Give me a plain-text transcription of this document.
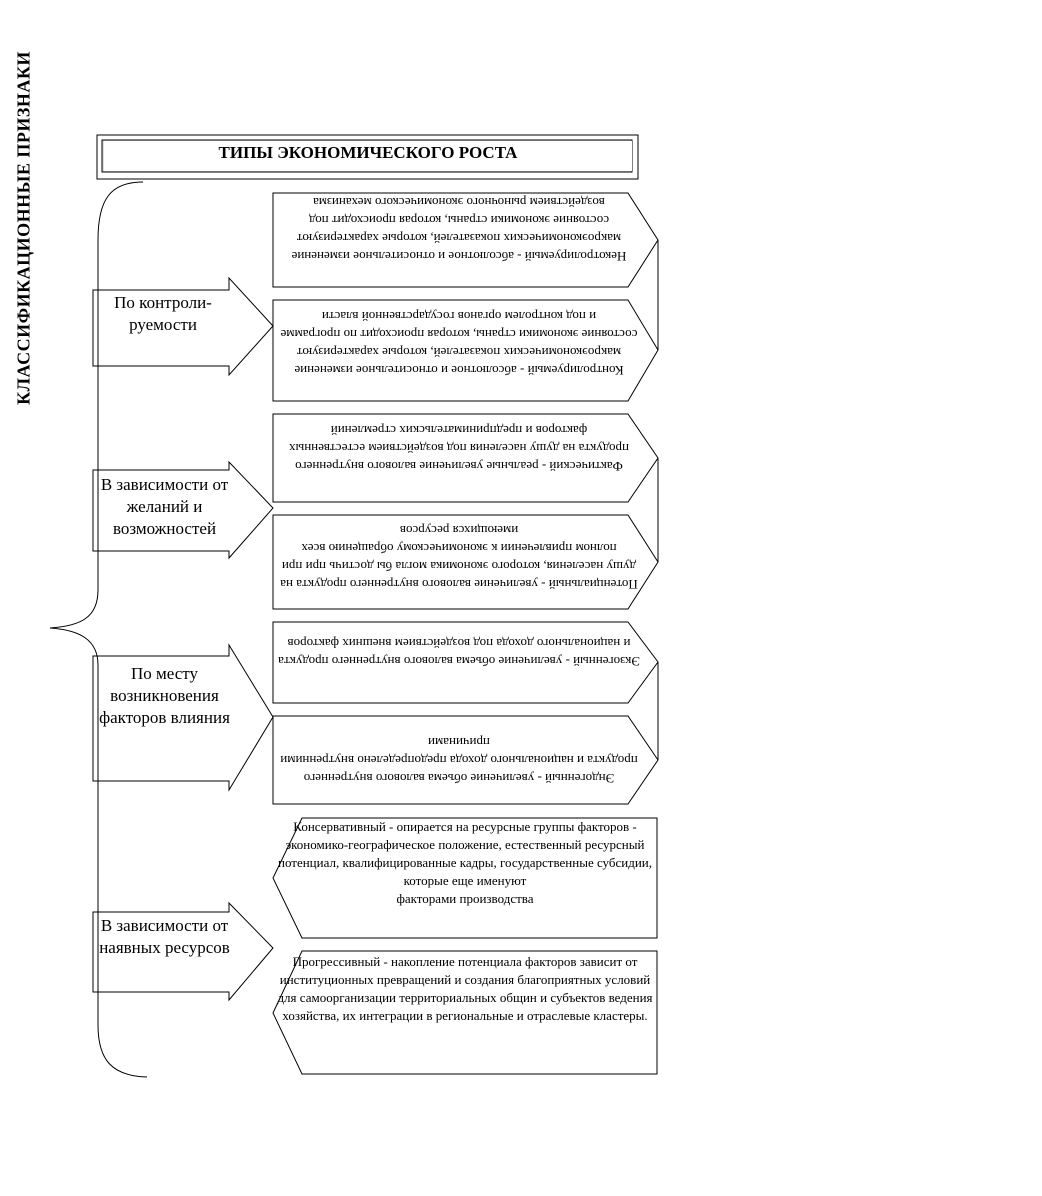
КЛАССИФИКАЦИОННЫЕ ПРИЗНАКИ	ТИПЫ ЭКОНОМИЧЕСКОГО РОСТА
По контроли-
руемости
В зависимости от желаний и возможностей
По месту возникновения факторов влияния
В зависимости от наявных ресурсов
Некотролируемый - абсолютное и относительное изменение макроэкономических показателей, которые характеризуют состояние экономики страны, которая происходит под воздействием рыночного экономического механизма
Контролируемый - абсолютное и относительное изменение макроэкономических показателей, которые характеризуют состояние экономики страны, которая происходит по программе и под контролем органов государственной власти
Фактический - реальные увеличение валового внутреннего продукта на душу населения под воздействием естественных факторов и предпринимательских стремлений
Потенциальный - увеличение валового внутреннего продукта на душу населения, которого экономика могла бы достичь при при полном привлечении к экономическому обращению всех имеющихся ресурсов
Экзогенный - увеличение объема валового внутреннего продукта и национального дохода под воздействием внешних факторов
Эндогенный - увеличение объема валового внутреннего продукта и национального дохода предопределено внутренними причинами
Консервативный - опирается на ресурсные группы факторов - экономико-географическое положение, естественный ресурсный потенциал, квалифицированные кадры, государственные субсидии, которые еще именуют
факторами производства
Прогрессивный - накопление потенциала факторов зависит от институционных превращений и создания благоприятных условий для самоорганизации территориальных общин и субъектов ведения хозяйства, их интеграции в региональные и отраслевые кластеры.
